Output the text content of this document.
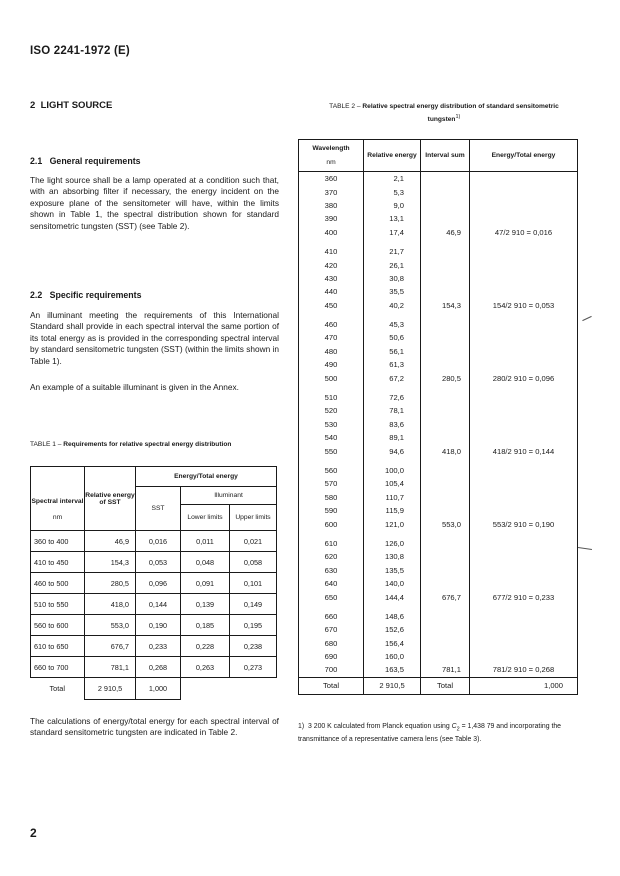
ISO 2241-1972 (E)
2 LIGHT SOURCE
2.1 General requirements
The light source shall be a lamp operated at a condition such that, with an absorbing filter if necessary, the energy incident on the exposure plane of the sensitometer will have, within the limits shown in Table 1, the spectral distribution shown for standard sensitometric tungsten (SST) (see Table 2).
2.2 Specific requirements
An illuminant meeting the requirements of this International Standard shall provide in each spectral interval the same portion of its total energy as is provided in the corresponding spectral interval by standard sensitometric tungsten (SST) (within the limits shown in Table 1).
An example of a suitable illuminant is given in the Annex.
TABLE 1 – Requirements for relative spectral energy distribution
Spectral interval	Relative energy of SST	Energy/Total energy		
		SST	Illuminant	
nm			Lower limits	Upper limits
360 to 400	46,9	0,016	0,011	0,021
410 to 450	154,3	0,053	0,048	0,058
460 to 500	280,5	0,096	0,091	0,101
510 to 550	418,0	0,144	0,139	0,149
560 to 600	553,0	0,190	0,185	0,195
610 to 650	676,7	0,233	0,228	0,238
660 to 700	781,1	0,268	0,263	0,273
Total	2 910,5	1,000		
The calculations of energy/total energy for each spectral interval of standard sensitometric tungsten are indicated in Table 2.
TABLE 2 – Relative spectral energy distribution of standard sensitometric tungsten$^{1)}$
Wavelength

nm	Relative energy	Interval sum	Energy/Total energy
360	2,1		
370	5,3		
380	9,0		
390	13,1		
400	17,4	46,9	47/2 910 = 0,016

410	21,7		
420	26,1		
430	30,8		
440	35,5		
450	40,2	154,3	154/2 910 = 0,053

460	45,3		
470	50,6		
480	56,1		
490	61,3		
500	67,2	280,5	280/2 910 = 0,096

510	72,6		
520	78,1		
530	83,6		
540	89,1		
550	94,6	418,0	418/2 910 = 0,144

560	100,0		
570	105,4		
580	110,7		
590	115,9		
600	121,0	553,0	553/2 910 = 0,190

610	126,0		
620	130,8		
630	135,5		
640	140,0		
650	144,4	676,7	677/2 910 = 0,233

660	148,6		
670	152,6		
680	156,4		
690	160,0		
700	163,5	781,1	781/2 910 = 0,268
Total	2 910,5	Total	1,000
1) 3 200 K calculated from Planck equation using $C_2 = 1,438$ 79 and incorporating the transmittance of a representative camera lens (see Table 3).
2
